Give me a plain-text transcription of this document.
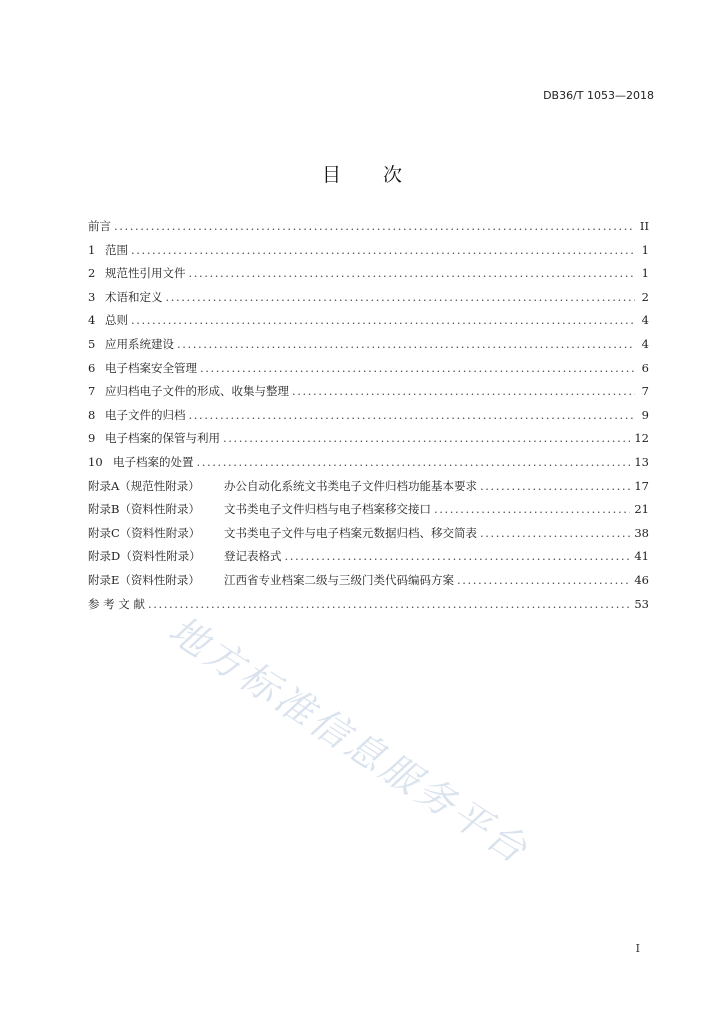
DB36/T 1053—2018
目 次
前言 .....	II
1 范围 .....	1
2 规范性引用文件 .....	1
3 术语和定义 .....	2
4 总则 .....	4
5 应用系统建设 .....	4
6 电子档案安全管理 .....	6
7 应归档电子文件的形成、收集与整理 .....	7
8 电子文件的归档 .....	9
9 电子档案的保管与利用 .....	12
10 电子档案的处置 .....	13
附录A（规范性附录）	办公自动化系统文书类电子文件归档功能基本要求 .....	17
附录B（资料性附录）	文书类电子文件归档与电子档案移交接口 .....	21
附录C（资料性附录）	文书类电子文件与电子档案元数据归档、移交简表 .....	38
附录D（资料性附录）	登记表格式 .....	41
附录E（资料性附录）	江西省专业档案二级与三级门类代码编码方案 .....	46
参 考 文 献 .....	53
地方标准信息服务平台
I
